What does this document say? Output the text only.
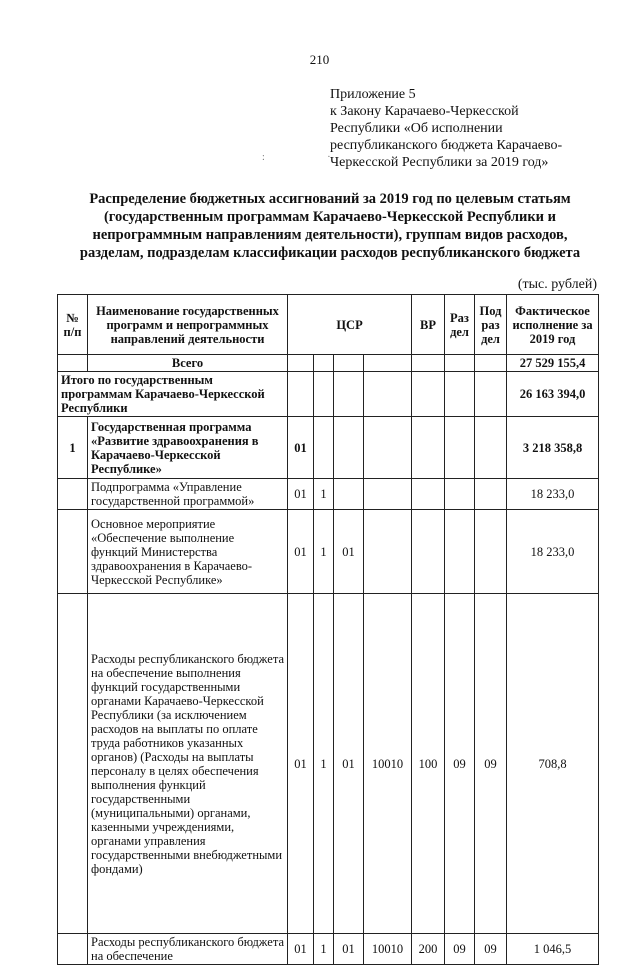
210
: ·
Приложение 5
к Закону Карачаево-Черкесской
Республики «Об исполнении
республиканского бюджета Карачаево-
Черкесской Республики за 2019 год»
Распределение бюджетных ассигнований за 2019 год по целевым статьям
(государственным программам Карачаево-Черкесской Республики и
непрограммным направлениям деятельности), группам видов расходов,
разделам, подразделам классификации расходов республиканского бюджета
(тыс. рублей)
№ п/п	Наименование государственных программ и непрограммных направлений деятельности	ЦСР				ВР	Раз дел	Под раз дел	Фактическое исполнение за 2019 год
	Всего								27 529 155,4
Итого по государственным программам Карачаево-Черкесской Республики									26 163 394,0
1	Государственная программа «Развитие здравоохранения в Карачаево-Черкесской Республике»	01							3 218 358,8
	Подпрограмма «Управление государственной программой»	01	1						18 233,0
	Основное мероприятие «Обеспечение выполнение функций Министерства здравоохранения в Карачаево-Черкесской Республике»	01	1	01					18 233,0
	Расходы республиканского бюджета на обеспечение выполнения функций государственными органами Карачаево-Черкесской Республики (за исключением расходов на выплаты по оплате труда работников указанных органов) (Расходы на выплаты персоналу в целях обеспечения выполнения функций государственными (муниципальными) органами, казенными учреждениями, органами управления государственными внебюджетными фондами)	01	1	01	10010	100	09	09	708,8
	Расходы республиканского бюджета на обеспечение	01	1	01	10010	200	09	09	1 046,5
